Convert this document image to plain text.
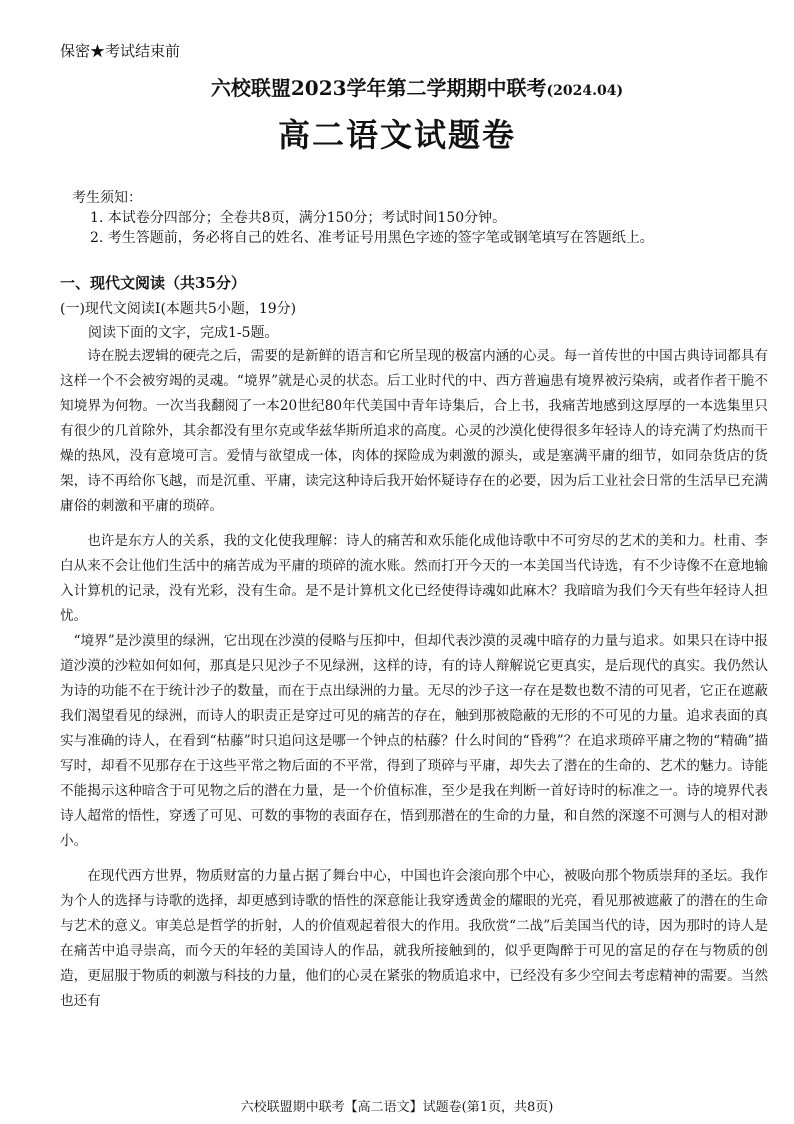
保密★考试结束前
六校联盟2023学年第二学期期中联考(2024.04)
高二语文试题卷
考生须知：
1. 本试卷分四部分；全卷共8页，满分150分；考试时间150分钟。
2. 考生答题前，务必将自己的姓名、准考证号用黑色字迹的签字笔或钢笔填写在答题纸上。
一、现代文阅读（共35分）
(一)现代文阅读Ⅰ(本题共5小题，19分)
阅读下面的文字，完成1-5题。

诗在脱去逻辑的硬壳之后，需要的是新鲜的语言和它所呈现的极富内涵的心灵。每一首传世的中国古典诗词都具有这样一个不会被穷竭的灵魂。“境界”就是心灵的状态。后工业时代的中、西方普遍患有境界被污染病，或者作者干脆不知境界为何物。一次当我翻阅了一本20世纪80年代美国中青年诗集后，合上书，我痛苦地感到这厚厚的一本选集里只有很少的几首除外，其余都没有里尔克或华兹华斯所追求的高度。心灵的沙漠化使得很多年轻诗人的诗充满了灼热而干燥的热风，没有意境可言。爱情与欲望成一体，肉体的探险成为刺激的源头，或是塞满平庸的细节，如同杂货店的货架，诗不再给你飞越，而是沉重、平庸，读完这种诗后我开始怀疑诗存在的必要，因为后工业社会日常的生活早已充满庸俗的刺激和平庸的琐碎。

也许是东方人的关系，我的文化使我理解：诗人的痛苦和欢乐能化成他诗歌中不可穷尽的艺术的美和力。杜甫、李白从来不会让他们生活中的痛苦成为平庸的琐碎的流水账。然而打开今天的一本美国当代诗选，有不少诗像不在意地输入计算机的记录，没有光彩，没有生命。是不是计算机文化已经使得诗魂如此麻木？我暗暗为我们今天有些年轻诗人担忧。

“境界”是沙漠里的绿洲，它出现在沙漠的侵略与压抑中，但却代表沙漠的灵魂中暗存的力量与追求。如果只在诗中报道沙漠的沙粒如何如何，那真是只见沙子不见绿洲，这样的诗，有的诗人辩解说它更真实，是后现代的真实。我仍然认为诗的功能不在于统计沙子的数量，而在于点出绿洲的力量。无尽的沙子这一存在是数也数不清的可见者，它正在遮蔽我们渴望看见的绿洲，而诗人的职责正是穿过可见的痛苦的存在，触到那被隐蔽的无形的不可见的力量。追求表面的真实与准确的诗人，在看到“枯藤”时只追问这是哪一个钟点的枯藤？什么时间的“昏鸦”？在追求琐碎平庸之物的“精确”描写时，却看不见那存在于这些平常之物后面的不平常，得到了琐碎与平庸，却失去了潜在的生命的、艺术的魅力。诗能不能揭示这种暗含于可见物之后的潜在力量，是一个价值标准，至少是我在判断一首好诗时的标准之一。诗的境界代表诗人超常的悟性，穿透了可见、可数的事物的表面存在，悟到那潜在的生命的力量，和自然的深邃不可测与人的相对渺小。

在现代西方世界，物质财富的力量占据了舞台中心，中国也许会滚向那个中心，被吸向那个物质崇拜的圣坛。我作为个人的选择与诗歌的选择，却更感到诗歌的悟性的深意能让我穿透黄金的耀眼的光亮，看见那被遮蔽了的潜在的生命与艺术的意义。审美总是哲学的折射，人的价值观起着很大的作用。我欣赏“二战”后美国当代的诗，因为那时的诗人是在痛苦中追寻崇高，而今天的年轻的美国诗人的作品，就我所接触到的，似乎更陶醉于可见的富足的存在与物质的创造，更屈服于物质的刺激与科技的力量，他们的心灵在紧张的物质追求中，已经没有多少空间去考虑精神的需要。当然也还有

六校联盟期中联考【高二语文】试题卷(第1页，共8页)
